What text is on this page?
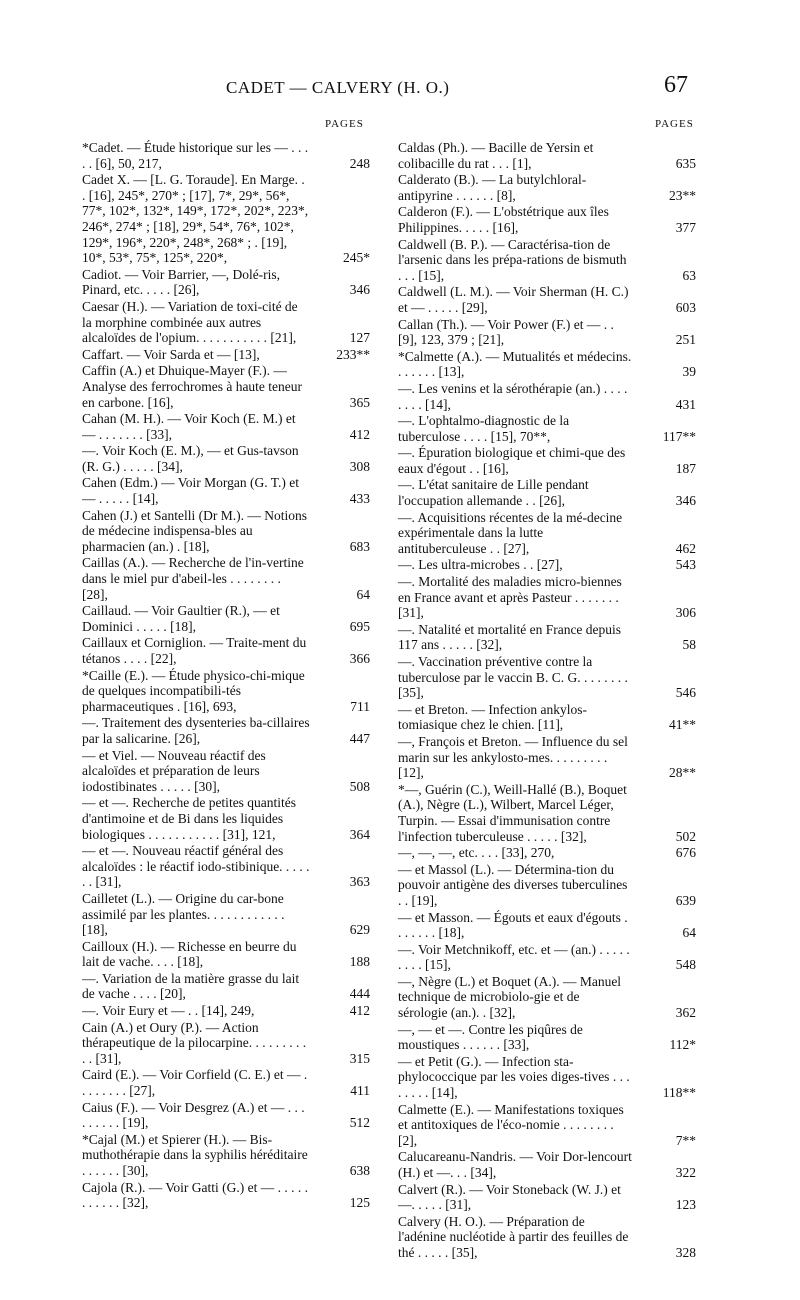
CADET — CALVERY (H. O.)	67
PAGES	PAGES
*Cadet. — Étude historique sur les — . . . . . [6], 50, 217,	248
Cadet X. — [L. G. Toraude]. En Marge. . . [16], 245*, 270* ; [17], 7*, 29*, 56*, 77*, 102*, 132*, 149*, 172*, 202*, 223*, 246*, 274* ; [18], 29*, 54*, 76*, 102*, 129*, 196*, 220*, 248*, 268* ; . [19], 10*, 53*, 75*, 125*, 220*,	245*
Cadiot. — Voir Barrier, —, Dolé-ris, Pinard, etc. . . . . [26],	346
Caesar (H.). — Variation de toxi-cité de la morphine combinée aux autres alcaloïdes de l'opium. . . . . . . . . . . [21],	127
Caffart. — Voir Sarda et — [13],	233**
Caffin (A.) et Dhuique-Mayer (F.). — Analyse des ferrochromes à haute teneur en carbone. [16],	365
Cahan (M. H.). — Voir Koch (E. M.) et — . . . . . . . [33],	412
—. Voir Koch (E. M.), — et Gus-tavson (R. G.) . . . . . [34],	308
Cahen (Edm.) — Voir Morgan (G. T.) et — . . . . . [14],	433
Cahen (J.) et Santelli (Dr M.). — Notions de médecine indispensa-bles au pharmacien (an.) . [18],	683
Caillas (A.). — Recherche de l'in-vertine dans le miel pur d'abeil-les . . . . . . . . [28],	64
Caillaud. — Voir Gaultier (R.), — et Dominici . . . . . [18],	695
Caillaux et Corniglion. — Traite-ment du tétanos . . . . [22],	366
*Caille (E.). — Étude physico-chi-mique de quelques incompatibili-tés pharmaceutiques . [16], 693,	711
—. Traitement des dysenteries ba-cillaires par la salicarine. [26],	447
— et Viel. — Nouveau réactif des alcaloïdes et préparation de leurs iodostibinates . . . . . [30],	508
— et —. Recherche de petites quantités d'antimoine et de Bi dans les liquides biologiques . . . . . . . . . . . [31], 121,	364
— et —. Nouveau réactif général des alcaloïdes : le réactif iodo-stibinique. . . . . . . [31],	363
Cailletet (L.). — Origine du car-bone assimilé par les plantes. . . . . . . . . . . . [18],	629
Cailloux (H.). — Richesse en beurre du lait de vache. . . . [18],	188
—. Variation de la matière grasse du lait de vache . . . . [20],	444
—. Voir Eury et — . . [14], 249,	412
Cain (A.) et Oury (P.). — Action thérapeutique de la pilocarpine. . . . . . . . . . . [31],	315
Caird (E.). — Voir Corfield (C. E.) et — . . . . . . . . [27],	411
Caius (F.). — Voir Desgrez (A.) et — . . . . . . . . . [19],	512
*Cajal (M.) et Spierer (H.). — Bis-muthothérapie dans la syphilis héréditaire . . . . . . [30],	638
Cajola (R.). — Voir Gatti (G.) et — . . . . . . . . . . . [32],	125
Caldas (Ph.). — Bacille de Yersin et colibacille du rat . . . [1],	635
Calderato (B.). — La butylchloral-antipyrine . . . . . . [8],	23**
Calderon (F.). — L'obstétrique aux îles Philippines. . . . . [16],	377
Caldwell (B. P.). — Caractérisa-tion de l'arsenic dans les prépa-rations de bismuth . . . [15],	63
Caldwell (L. M.). — Voir Sherman (H. C.) et — . . . . . [29],	603
Callan (Th.). — Voir Power (F.) et — . . [9], 123, 379 ; [21],	251
*Calmette (A.). — Mutualités et médecins. . . . . . . [13],	39
—. Les venins et la sérothérapie (an.) . . . . . . . . [14],	431
—. L'ophtalmo-diagnostic de la tuberculose . . . . [15], 70**,	117**
—. Épuration biologique et chimi-que des eaux d'égout . . [16],	187
—. L'état sanitaire de Lille pendant l'occupation allemande . . [26],	346
—. Acquisitions récentes de la mé-decine expérimentale dans la lutte antituberculeuse . . [27],	462
—. Les ultra-microbes . . [27],	543
—. Mortalité des maladies micro-biennes en France avant et après Pasteur . . . . . . . [31],	306
—. Natalité et mortalité en France depuis 117 ans . . . . . [32],	58
—. Vaccination préventive contre la tuberculose par le vaccin B. C. G. . . . . . . . [35],	546
— et Breton. — Infection ankylos-tomiasique chez le chien. [11],	41**
—, François et Breton. — Influence du sel marin sur les ankylosto-mes. . . . . . . . . [12],	28**
*—, Guérin (C.), Weill-Hallé (B.), Boquet (A.), Nègre (L.), Wilbert, Marcel Léger, Turpin. — Essai d'immunisation contre l'infection tuberculeuse . . . . . [32],	502
—, —, —, etc. . . . [33], 270,	676
— et Massol (L.). — Détermina-tion du pouvoir antigène des diverses tuberculines . . [19],	639
— et Masson. — Égouts et eaux d'égouts . . . . . . . [18],	64
—. Voir Metchnikoff, etc. et — (an.) . . . . . . . . . [15],	548
—, Nègre (L.) et Boquet (A.). — Manuel technique de microbiolo-gie et de sérologie (an.). . [32],	362
—, — et —. Contre les piqûres de moustiques . . . . . . [33],	112*
— et Petit (G.). — Infection sta-phylococcique par les voies diges-tives . . . . . . . . [14],	118**
Calmette (E.). — Manifestations toxiques et antitoxiques de l'éco-nomie . . . . . . . . [2],	7**
Calucareanu-Nandris. — Voir Dor-lencourt (H.) et —. . . [34],	322
Calvert (R.). — Voir Stoneback (W. J.) et —. . . . . [31],	123
Calvery (H. O.). — Préparation de l'adénine nucléotide à partir des feuilles de thé . . . . . [35],	328
